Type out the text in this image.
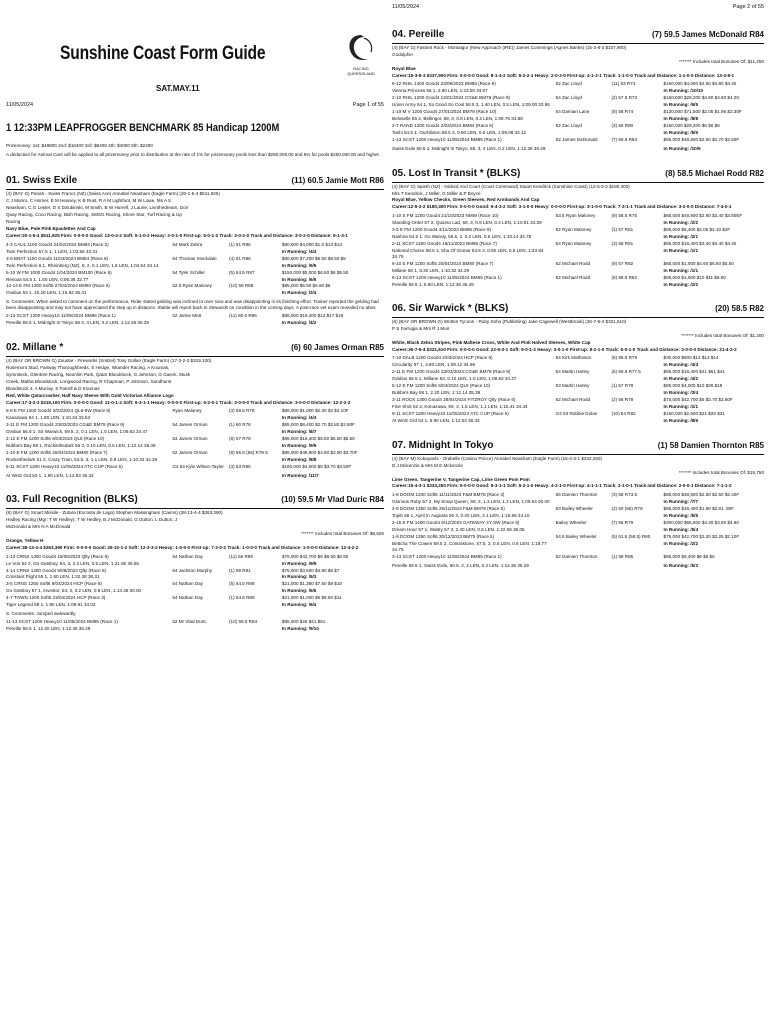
11/05/2024	Page 2 of 55
Sunshine Coast Form Guide
RACING QUEENSLAND
SAT.MAY.11
11/05/2024	Page 1 of 55
1 12:33PM LEAPFROGGER BENCHMARK 85 Handicap 1200M
Prizemoney: 1st: $48800 2nd: $16400 3rd: $8400 4th: $4000 5th: $2400
A deduction for Animal Care will be applied to all prizemoney prior to distribution at the rate of 1% for prizemoney pools less than $250,000.00 and 5% for pools $250,000.00 and higher.
01. Swiss Exile	(11) 60.5 Jamie Mott R86
(4) (BAY G) Pariah - Swiss Francs (NZ) (Swiss Ace) Annabel Neasham (Eagle Farm) (20-1-5-4 $511,925)
C J Munro, C Horner, E M Heaney, K B Rust, R A M Lightfoot, M W Lowe, Ms A S
Neasham, C G Lester, D S Dziubinski, M Smith, B W Hurrell, J Laurie, Livnthedream, Don
Quay Racing, Coco Racing, Bish Racing, SMSG Racing, Shore Star, Turf Racing & Up
Racing
Navy Blue, Pale Pink Epaulettes And Cap
Career:20-1-5-4 $511,925 Firm: 0-0-0-0 Good: 13-0-4-2 Soft: 5-1-0-2 Heavy: 2-0-1-0 First-up: 5-0-1-2 Track: 3-0-2-0 Track and Distance: 3-0-2-0 Distance: 9-1-3-1
4-3 CAUL 1100 Good4 24/02/2024 BM84 (Race 2)	54 Mark Zahra	(1) 61 R86	$80,000 $4,000 $1.0 $13 $13
Twin Perfection 57.5 1, 1 LEN, 1:03.56 33.31	In Running: /4/4
3-5 BRAT 1100 Good3 11/03/2024 BM84 (Race 8)	54 Thomas Stockdale	(4) 61 R86	$80,000 $7,200 $5.50 $6.50 $5
Twin Perfection 6.1, Rheinberg (NZ), 6, 2, 0.1 LEN, 1.8 LEN, 1:04.64 34.14	In Running: /5/5
5-10 W FM 1000 Good4 1/04/2024 BM100 (Race 6)	54 Tyler Schiller	(5) 54.5 R87	$150,000 $5,000 $6.50 $6 $5.50
Renoas 54.5 1, 1.60 LEN, 0:56.36 32.77	In Running: /6/5
14-14 E FM 1300 Soft5 27/04/2024 BM90 (Race 5)	52.5 Ryan Maloney	(10) 59 R88	$85,000 $5.50 $6.50 $6
Ovidius 53 1, 10.20 LEN, 1:16.92 35.41	In Running: /2/4
S. Comments: When asked to comment on the performance, Rider stated gelding was inclined to over race and was disappointing in its finishing effort. Trainer reported the gelding had been disappointing and may not have appreciated the step up in distance. Stable will report back to Stewards on condition in the coming days. A post-race vet exam revealed no abns
2-13 SCST 1200 Heavy10 11/05/2024 BM85 (Race 1)	52 Jamie Mott	(11) 60.5 R86	$85,000 $16,400 $12 $17 $19
Pereille 59.5 1, Midnight In Tokyo 58 3, 4 LEN, 0.2 LEN, 1:12.36 36.29	In Running: /4/2
02. Millane *	(6) 60 James Orman R85
(4) (BAY OR BROWN G) Zoustar - Fireworks (Snitzel) Tony Gollan (Eagle Farm) (17-3-2-3 $319,100)
Rosemont Stud, Fairway Thoroughbreds, S Hedge, Iskander Racing, A Koumas,
Symmteck, Glentree Racing, Noonlim Park, Qatar Bloodstock, G Johnson, G Gaeck, Musk
Creek, Matha Bloodstock, Longwood Racing, R Chapman, P Johnson, Sandhurst
Bloodstock 4, A Murray, S Farrell & D Koumas
Red, White Qatarcrasher, Half Navy Sleeve With Gold Victorian Alliance Logo
Career:17-3-2-3 $319,100 Firm: 0-0-0-0 Good: 11-0-1-2 Soft: 6-3-1-1 Heavy: 0-0-0-0 First-up: 5-2-0-1 Track: 3-0-0-0 Track and Distance: 3-0-0-0 Distance: 12-2-2-2
6-8 E FM 1200 Good4 2/03/2024 QL6-5W (Race 8)	Ryan Maloney	(3) 58.5 R78	$85,000 $1,000 $2.30 $2 $2.10F
Kanazawa 54 1, 1.80 LEN, 1:10.34 33.53	In Running: /4/4
3-11 E FM 1200 Good4 23/03/2024 CG&E BM78 (Race 9)	54 James Orman	(1) 60 R78	$85,000 $8,400 $2.70 $2.80 $2.80F
Ovidius 56.5 1, Sir Warwick, 59.5, 2, 0.1 LEN, 1.0 LEN, 1:09.83 34.47	In Running: /8/7
2-12 E FM 1200 Soft6 6/04/2024 QL6 (Race 10)	53 James Orman	(9) 57 R78	$85,000 $16,400 $5.50 $5.50 $5.50
Bubba's Bay 58 1, Rockinthedark 56 3, 0.10 LEN, 0.5 LEN, 1:12.14 35.39	In Running: /9/9
1-10 E FM 1200 Soft5 20/04/2024 BM80 (Race 7)	52 James Orman	(8) 55.5 (56) R79.5	$85,000 $48,800 $4.60 $3.90 $3.70F
Rockinthedark 51 2, Crazy Train, 53.5, 3, 1.1 LEN, 0.8 LEN, 1:10.32 34.29	In Running: /8/8
5-11 SCST 1200 Heavy10 11/05/2024 ATC CUP (Race 5)	G4 53 Kyle Wilson-Taylor	(3) 53 R85	$160,000 $4,000 $5 $3.70 $3.50F
At Wntz Grd 53 1, 1.90 LEN, 1:12.53 36.33	In Running: /11/7
03. Full Recognition (BLKS)	(10) 59.5 Mr Vlad Duric R84
(8) (BAY G) Smart Missile - Zutara (Encosta de Lago) Stephen Massingham (Cairns) (38-13-4-4 $263,390)
Hedley Racing (Mgr: T W Hedley), T W Hedley, B J McDonald, G Dutton, L Dutton, J
McDonald & Mrs N A McDonald
******* Includes total Bonuses Of: $6,625
Orange, Yellow H
Career:38-13-4-4 $263,390 Firm: 0-0-0-0 Good: 25-10-1-2 Soft: 12-3-3-2 Heavy: 1-0-0-0 First-up: 7-2-0-2 Track: 1-0-0-0 Track and Distance: 1-0-0-0 Distance: 12-4-2-2
1-13 CRNS 1400 Good4 19/08/2023 Qlty (Race 8)	54 Nathan Day	(11) 56 R88	$75,000 $42,700 $6 $8.50 $6.50
Le Voir 54 2, Go Gatsboy, 54, 3, 2.3 LEN, 0.5 LEN, 1:21.90 36.56	In Running: /9/9
4-14 CRNS 1400 Good4 9/09/2023 Qlty (Race 8)	54 Jackson Murphy	(1) 59 R91	$75,000 $3,500 $4.80 $6 $7
Constant Flight 55 1, 1.60 LEN, 1:22.38 36.31	In Running: /5/3
3-5 CRNS 1250 Soft6 9/04/2024 HCP (Race 8)	54 Nathan Day	(5) 64.5 R89	$21,000 $1,350 $7.50 $9 $10
Go Gatsboy 57 1, Investor, 54, 2, 0.2 LEN, 0.9 LEN, 1:13.46 00.00	In Running: /6/6
4-7 TOWN 1200 Soft5 23/04/2024 HCP (Race 3)	54 Nathan Day	(1) 64.5 R89	$21,000 $1,000 $6 $9.50 $11
Tiger Legend 59 1, 1.80 LEN, 1:09.81 34.03	In Running: /6/4
S. Comments: Jumped awkwardly.
11-13 SCST 1200 Heavy10 11/05/2024 BM85 (Race 1)	52 Mr Vlad Duric	(10) 59.5 R84	$85,000 $26 $41 $61
Pereille 59.5 1, 12.40 LEN, 1:12.36 36.29	In Running: /9/10
04. Pereille	(7) 59.5 James McDonald R84
(4) (BAY G) Fastnet Rock - Montaigur (New Approach (IRE)) James Cummings (Agnes Banks) (15-3-8-3 $337,900)
Godolphin
******* Includes total Bonuses Of: $11,250
Royal Blue
Career:15-3-8-3 $337,900 Firm: 0-0-0-0 Good: 8-1-4-2 Soft: 5-2-2-1 Heavy: 2-0-2-0 First-up: 4-1-2-1 Track: 1-1-0-0 Track and Distance: 1-1-0-0 Distance: 13-4-8-1
6-12 RHIL 1400 Good4 23/09/2023 BM88 (Race 9)	52 Zac Lloyd	(11) 53 R74	$160,000 $4,000 $4.60 $4.80 $4.40
Vienna Princess 56 1, 2.60 LEN, 1:23.00 34.07	In Running: /10/10
2-10 RHIL 1200 Good4 13/01/2024 CG&E BM78 (Race 9)	54 Zac Lloyd	(2) 57.5 R73	$160,000 $29,200 $4.60 $4.60 $4.20
Union Army 54 1, So Good So Cool 58.5 3, 1.40 LEN, 0.5 LEN, 1:09.00 33.86	In Running: /6/5
1-10 M V 1200 Good4 27/01/2024 BM78 (Race 10)	54 Damian Lane	(8) 58 R74	$130,000 $71,500 $2.05 $1.95 $2.30F
Beloselle 55 2, Bellingor, 59, 3, 0.8 LEN, 0.2 LEN, 1:09.76 34.88	In Running: /8/8
2-7 RAND 1200 Good4 2/03/2024 BM84 (Race 5)	52 Zac Lloyd	(3) 56 R80	$160,000 $29,200 $6 $6 $6
Tashi 54.5 1, Ourhibson 58.5 3, 0.50 LEN, 0.6 LEN, 1:09.08 33.12	In Running: /5/5
1-13 SCST 1200 Heavy10 11/05/2024 BM85 (Race 1)	52 James McDonald	(7) 59.5 R84	$85,000 $48,800 $2.60 $2.70 $2.50F
Swiss Exile 60.5 2, Midnight In Tokyo, 58, 3, 4 LEN, 0.2 LEN, 1:12.36 36.29	In Running: /10/9
05. Lost In Transit * (BLKS)	(8) 58.5 Michael Rodd R82
(4) (BAY G) Spieth (NZ) - Nicked And Court (Court Command) Stuart Kendrick (Sunshine Coast) (12-5-3-2 $180,300)
Mrs T Kendrick, J Miller, G Miller & P Boyce
Royal Blue, Yellow Checks, Green Sleeves, Red Armbands And Cap
Career:12-5-3-2 $180,300 Firm: 0-0-0-0 Good: 9-4-3-2 Soft: 3-1-0-0 Heavy: 0-0-0-0 First-up: 3-1-0-0 Track: 7-3-1-1 Track and Distance: 3-2-0-0 Distance: 7-4-0-1
1-10 E FM 1200 Good4 21/10/2023 NMW (Race 10)	53.5 Ryan Maloney	(9) 58.5 R76	$85,000 $48,800 $2.80 $3.40 $3.60EF
Standing Order 57 2, Quarso Lad, 59, 3, 0.9 LEN, 0.4 LEN, 1:10.81 34.39	In Running: /2/2
3-5 E FM 1200 Good4 4/11/2023 BM85 (Race 9)	52 Ryan Maloney	(1) 57 R81	$85,000 $8,400 $2.05 $2.10 $2F
Nashira 54.5 1, Go Wandy, 56.5, 2, 0.2 LEN, 0.6 LEN, 1:10.14 34.78	In Running: /2/1
2-11 SCST 1400 Good4 18/11/2023 BM85 (Race 7)	54 Ryan Maloney	(3) 58 R81	$85,000 $16,400 $3.40 $4.40 $4.40
National Choice 58.5 1, Sha Of Gomar 54.5 3, 0.50 LEN, 0.5 LEN, 1:23.84 34.76
In Running: /1/1
6-10 E FM 1200 Soft5 20/04/2024 BM80 (Race 7)	52 Michael Rodd	(9) 57 R82	$85,000 $1,000 $4.60 $6.50 $5.50
Millane 56 1, 8.30 LEN, 1:10.32 34.29	In Running: /1/1
6-13 SCST 1200 Heavy10 11/05/2024 BM85 (Race 1)	52 Michael Rodd	(8) 58.5 R82	$85,000 $1,000 $10 $11 $9.50
Pereille 59.5 1, 5.60 LEN, 1:12.36 36.29	In Running: /2/2
06. Sir Warwick * (BLKS)	(20) 58.5 R82
(6) (BAY OR BROWN G) Written Tycoon - Ruby Soho (Publishing) Jake Cagewell (Westbrook) (36-7-5-4 $321,610)
P S Farrugia & Mrs R J Muir
******* Includes total Bonuses Of: $1,200
White, Black Zebra Stripes, Pink Maltese Cross, White And Pink Halved Sleeves, White Cap
Career:36-7-5-4 $321,610 Firm: 0-0-0-0 Good: 22-6-3-1 Soft: 9-0-1-2 Heavy: 3-0-1-0 First-up: 8-2-1-0 Track: 5-0-1-0 Track and Distance: 3-0-0-0 Distance: 21-4-2-2
7-10 DALB 1200 Good4 2/03/2024 HCP (Race 6)	54 Kirk Matheson	(5) 55.5 R79	$30,000 $600 $13 $12 $14
Circularity 57 1, 4.80 LEN, 1:09.12 34.96	In Running: /4/4
2-11 E FM 1200 Good4 23/03/2024 CG&E BM78 (Race 9)	54 Martin Harley	(5) 59.5 R77.5	$85,000 $16,400 $41 $61 $41
Ovidius 56.5 1, Millane 63, 0.10 LEN, 1.0 LEN, 1:09.83 34.47	In Running: /4/2
5-12 E FM 1200 Soft6 6/04/2024 QL6 (Race 10)	53 Martin Harley	(1) 57 R78	$85,000 $4,000 $10 $26 $19
Bubba's Bay 58 1, 2.20 LEN, 1:12.14 35.39	In Running: /3/4
3-11 ROCK 1300 Good4 28/04/2024 FITZROY Qlty (Race 6)	52 Michael Rodd	(2) 56 R78	$75,000 $42,700 $5 $3.70 $3.60F
Fine Shot 52 2, Konazawa, 59, 3, 1.5 LEN, 1.1 LEN, 1:15.41 34.34	In Running: /1/1
9-11 SCST 1200 Heavy10 11/05/2024 ATC CUP (Race 5)	G4 53 Robbie Dolan	(10) 54 R82	$160,000 $2,500 $21 $26 $31
At Wntz Grd 53 1, 6.90 LEN, 1:12.53 36.33	In Running: /8/6
07. Midnight In Tokyo	(1) 58 Damien Thornton R85
(4) (BAY M) Kobayashi - Orabelle (Casino Prince) Annabel Neasham (Eagle Farm) (15-4-3-1 $333,250)
D J Mckenzie & Mrs M E Mckenzie
******* Includes total Bonuses Of: $15,750
Lime Green, Tangerine V, Tangerine Cap, Lime Green Pom Pom
Career:15-4-3-1 $333,250 Firm: 0-0-0-0 Good: 9-3-1-1 Soft: 6-2-1-0 Heavy: 4-2-1-0 First-up: 4-1-1-1 Track: 3-1-0-1 Track and Distance: 2-0-0-1 Distance: 7-1-1-2
1-8 DOOM 1200 Soft6 11/11/2023 F&M BM78 (Race 3)	55 Damien Thornton	(3) 58 R73.5	$85,000 $48,800 $2.60 $2.50 $2.40F
Glorious Ruby 57 2, My Snow Queen, 59, 3, 1.3 LEN, 1.3 LEN, 1:09.64 00.00	In Running: /7/7
2-9 DOOM 1350 Soft6 25/11/2023 F&M BM78 (Race 5)	53 Bailey Wheeler	(2) 60 (58) R78	$85,000 $16,400 $1.90 $2.61 .90F
Tojeb 56 1, April In Augusta 56 3, 0.40 LEN, 2.1 LEN, 1:19.88 34.10	In Running: /5/5
2-15 E FM 1400 Good4 9/12/2023 GATEWAY 4Y SW (Race 8)	Bailey Wheeler	(7) 55 R79	$300,000 $65,500 $4.20 $3.80 $4.80
Dream Hour 57 1, Wattry 57 3, 2.40 LEN, 0.5 LEN, 1:22.56 35.06	In Running: /5/4
1-9 DOOM 1350 Soft6 30/12/2023 BM75 (Race 5)	54.5 Bailey Wheeler	(5) 61.5 (58.5) R80	$75,000 $42,700 $2.20 $2.25 $2.10F
Bettcha The Cowen 59.5 2, Contrastone, 57.5, 3, 0.6 LEN, 0.6 LEN, 1:19.77 34.75
In Running: /2/2
3-13 SCST 1200 Heavy10 11/05/2024 BM85 (Race 1)	52 Damien Thornton	(1) 58 R85	$85,000 $8,400 $6 $6 $6
Pereille 59.5 1, Swiss Exile, 60.5, 2, 4 LEN, 0.2 LEN, 1:12.36 36.29	In Running: /5/3
